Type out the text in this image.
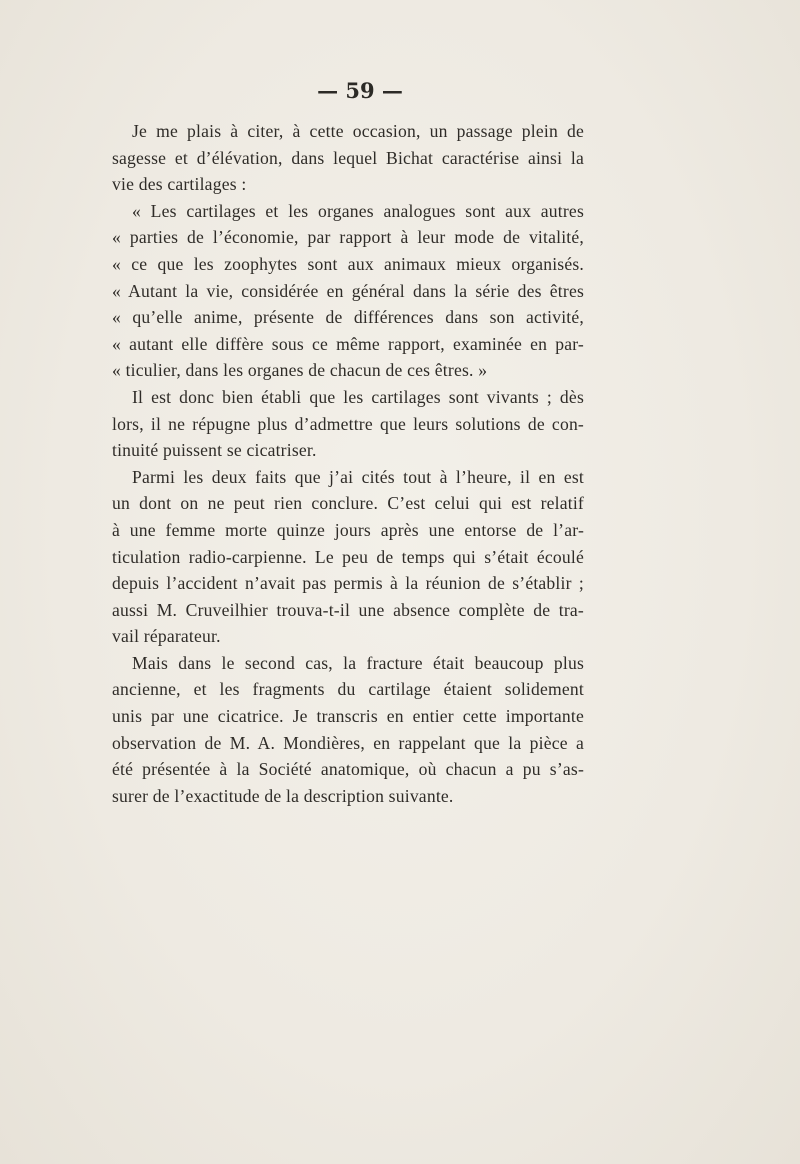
— 59 —
Je me plais à citer, à cette occasion, un passage plein de
sagesse et d’élévation, dans lequel Bichat caractérise ainsi la
vie des cartilages :
« Les cartilages et les organes analogues sont aux autres
« parties de l’économie, par rapport à leur mode de vitalité,
« ce que les zoophytes sont aux animaux mieux organisés.
« Autant la vie, considérée en général dans la série des êtres
« qu’elle anime, présente de différences dans son activité,
« autant elle diffère sous ce même rapport, examinée en par-
« ticulier, dans les organes de chacun de ces êtres. »
Il est donc bien établi que les cartilages sont vivants ; dès
lors, il ne répugne plus d’admettre que leurs solutions de con-
tinuité puissent se cicatriser.
Parmi les deux faits que j’ai cités tout à l’heure, il en est
un dont on ne peut rien conclure. C’est celui qui est relatif
à une femme morte quinze jours après une entorse de l’ar-
ticulation radio-carpienne. Le peu de temps qui s’était écoulé
depuis l’accident n’avait pas permis à la réunion de s’établir ;
aussi M. Cruveilhier trouva-t-il une absence complète de tra-
vail réparateur.
Mais dans le second cas, la fracture était beaucoup plus
ancienne, et les fragments du cartilage étaient solidement
unis par une cicatrice. Je transcris en entier cette importante
observation de M. A. Mondières, en rappelant que la pièce a
été présentée à la Société anatomique, où chacun a pu s’as-
surer de l’exactitude de la description suivante.
